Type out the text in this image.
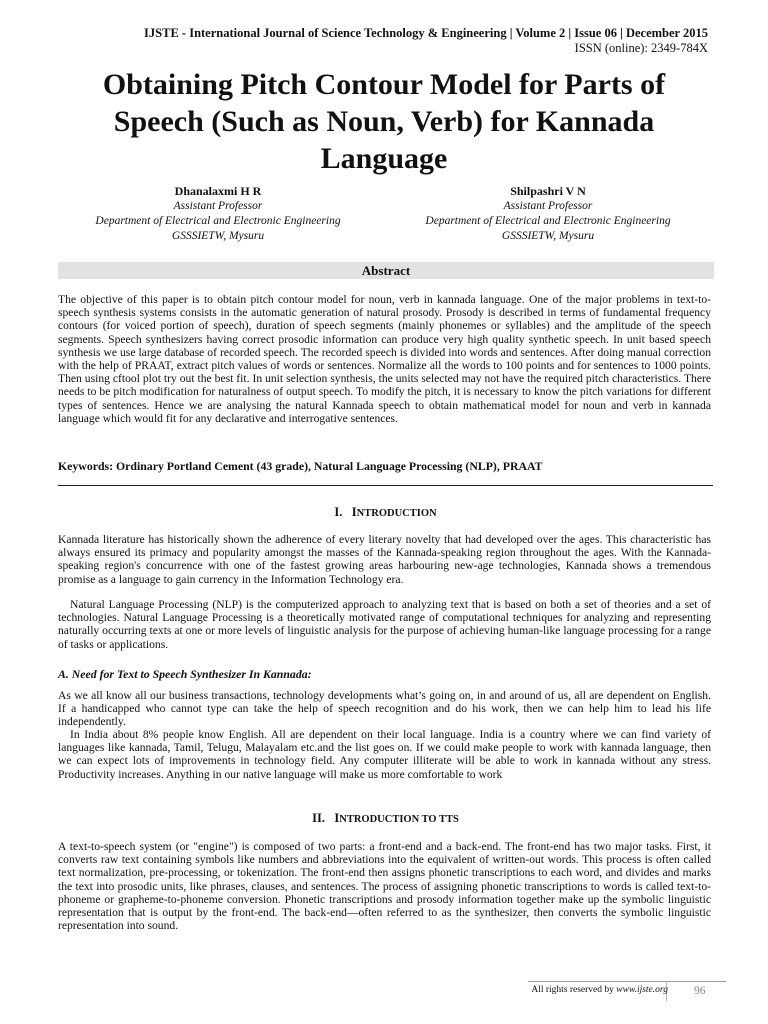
IJSTE - International Journal of Science Technology & Engineering | Volume 2 | Issue 06 | December 2015
ISSN (online): 2349-784X
Obtaining Pitch Contour Model for Parts of Speech (Such as Noun, Verb) for Kannada Language
Dhanalaxmi H R
Assistant Professor
Department of Electrical and Electronic Engineering
GSSSIETW, Mysuru
Shilpashri V N
Assistant Professor
Department of Electrical and Electronic Engineering
GSSSIETW, Mysuru
Abstract
The objective of this paper is to obtain pitch contour model for noun, verb in kannada language. One of the major problems in text-to-speech synthesis systems consists in the automatic generation of natural prosody. Prosody is described in terms of fundamental frequency contours (for voiced portion of speech), duration of speech segments (mainly phonemes or syllables) and the amplitude of the speech segments. Speech synthesizers having correct prosodic information can produce very high quality synthetic speech. In unit based speech synthesis we use large database of recorded speech. The recorded speech is divided into words and sentences. After doing manual correction with the help of PRAAT, extract pitch values of words or sentences. Normalize all the words to 100 points and for sentences to 1000 points. Then using cftool plot try out the best fit. In unit selection synthesis, the units selected may not have the required pitch characteristics. There needs to be pitch modification for naturalness of output speech. To modify the pitch, it is necessary to know the pitch variations for different types of sentences. Hence we are analysing the natural Kannada speech to obtain mathematical model for noun and verb in kannada language which would fit for any declarative and interrogative sentences.
Keywords: Ordinary Portland Cement (43 grade), Natural Language Processing (NLP), PRAAT
I. INTRODUCTION
Kannada literature has historically shown the adherence of every literary novelty that had developed over the ages. This characteristic has always ensured its primacy and popularity amongst the masses of the Kannada-speaking region throughout the ages. With the Kannada-speaking region's concurrence with one of the fastest growing areas harbouring new-age technologies, Kannada shows a tremendous promise as a language to gain currency in the Information Technology era.
Natural Language Processing (NLP) is the computerized approach to analyzing text that is based on both a set of theories and a set of technologies. Natural Language Processing is a theoretically motivated range of computational techniques for analyzing and representing naturally occurring texts at one or more levels of linguistic analysis for the purpose of achieving human-like language processing for a range of tasks or applications.
A. Need for Text to Speech Synthesizer In Kannada:
As we all know all our business transactions, technology developments what’s going on, in and around of us, all are dependent on English. If a handicapped who cannot type can take the help of speech recognition and do his work, then we can help him to lead his life independently.
In India about 8% people know English. All are dependent on their local language. India is a country where we can find variety of languages like kannada, Tamil, Telugu, Malayalam etc.and the list goes on. If we could make people to work with kannada language, then we can expect lots of improvements in technology field. Any computer illiterate will be able to work in kannada without any stress. Productivity increases. Anything in our native language will make us more comfortable to work
II. INTRODUCTION TO TTS
A text-to-speech system (or "engine") is composed of two parts: a front-end and a back-end. The front-end has two major tasks. First, it converts raw text containing symbols like numbers and abbreviations into the equivalent of written-out words. This process is often called text normalization, pre-processing, or tokenization. The front-end then assigns phonetic transcriptions to each word, and divides and marks the text into prosodic units, like phrases, clauses, and sentences. The process of assigning phonetic transcriptions to words is called text-to-phoneme or grapheme-to-phoneme conversion. Phonetic transcriptions and prosody information together make up the symbolic linguistic representation that is output by the front-end. The back-end—often referred to as the synthesizer, then converts the symbolic linguistic representation into sound.
All rights reserved by www.ijste.org 96
